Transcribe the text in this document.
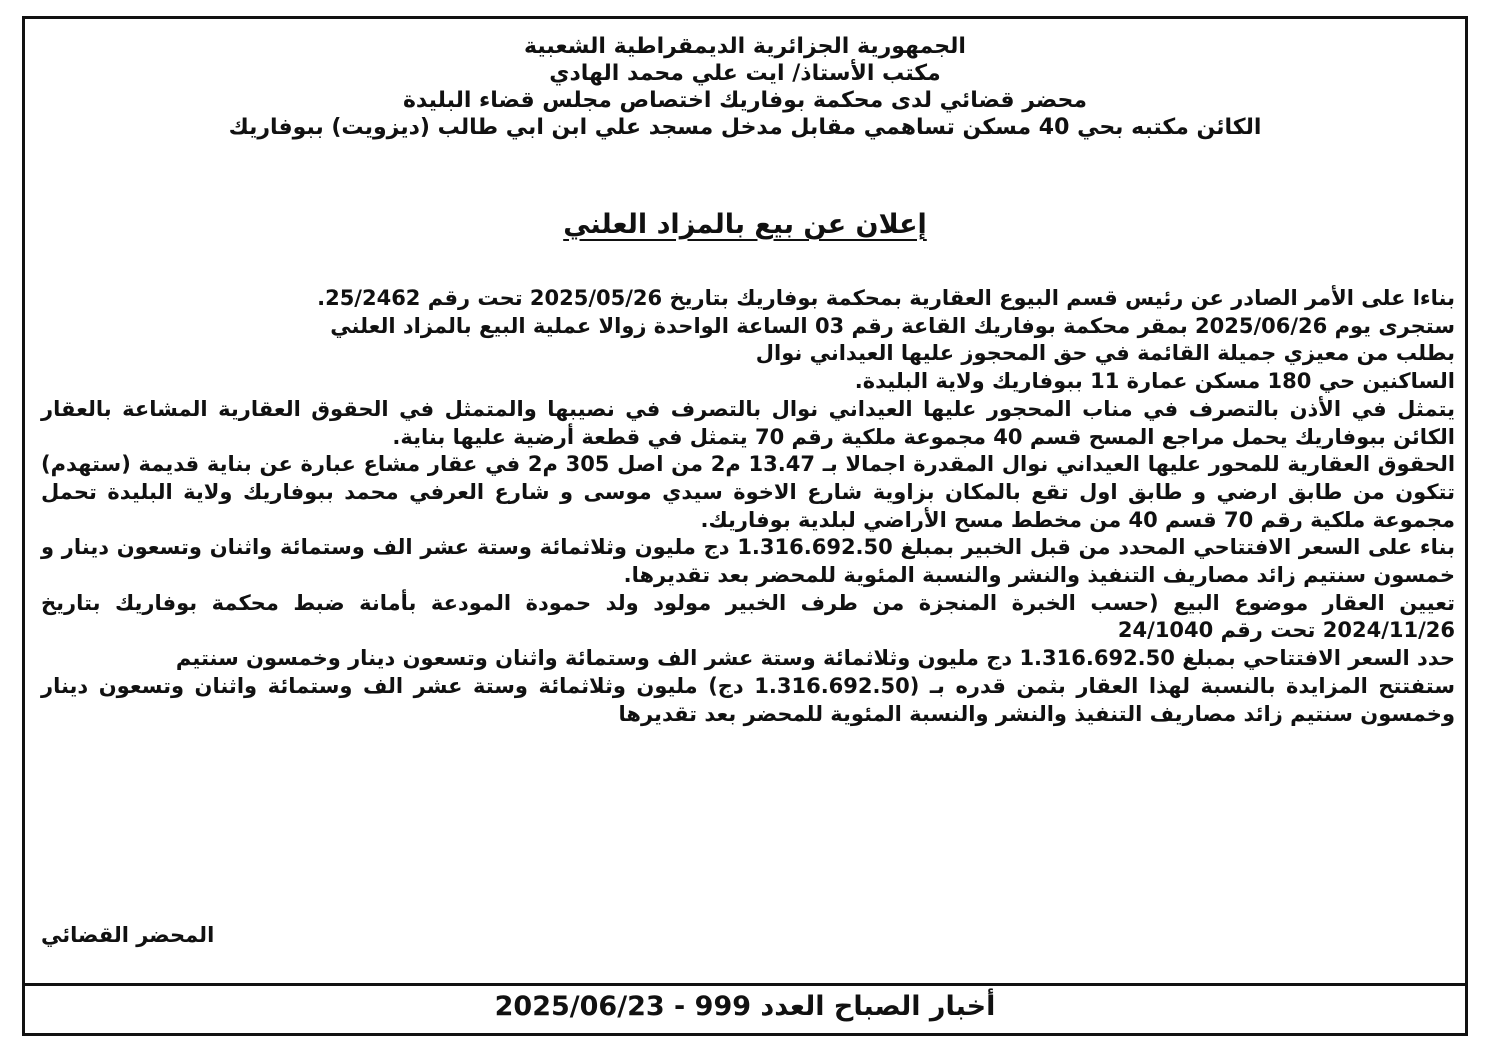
الجمهورية الجزائرية الديمقراطية الشعبية
مكتب الأستاذ/ ايت علي محمد الهادي
محضر قضائي لدى محكمة بوفاريك اختصاص مجلس قضاء البليدة
الكائن مكتبه بحي 40 مسكن تساهمي مقابل مدخل مسجد علي ابن ابي طالب (ديزويت) ببوفاريك
إعلان عن بيع بالمزاد العلني

بناءا على الأمر الصادر عن رئيس قسم البيوع العقارية بمحكمة بوفاريك بتاريخ 2025/05/26 تحت رقم 25/2462.

ستجرى يوم 2025/06/26 بمقر محكمة بوفاريك القاعة رقم 03 الساعة الواحدة زوالا عملية البيع بالمزاد العلني

بطلب من معيزي جميلة القائمة في حق المحجوز عليها العيداني نوال

الساكنين حي 180 مسكن عمارة 11 ببوفاريك ولاية البليدة.

يتمثل في الأذن بالتصرف في مناب المحجور عليها العيداني نوال بالتصرف في نصيبها والمتمثل في الحقوق العقارية المشاعة بالعقار الكائن ببوفاريك يحمل مراجع المسح قسم 40 مجموعة ملكية رقم 70 يتمثل في قطعة أرضية عليها بناية.

الحقوق العقارية للمحور عليها العيداني نوال المقدرة اجمالا بـ 13.47 م2 من اصل 305 م2 في عقار مشاع عبارة عن بناية قديمة (ستهدم) تتكون من طابق ارضي و طابق اول تقع بالمكان بزاوية شارع الاخوة سيدي موسى و شارع العرفي محمد ببوفاريك ولاية البليدة تحمل مجموعة ملكية رقم 70 قسم 40 من مخطط مسح الأراضي لبلدية بوفاريك.

بناء على السعر الافتتاحي المحدد من قبل الخبير بمبلغ 1.316.692.50 دج مليون وثلاثمائة وستة عشر الف وستمائة واثنان وتسعون دينار و خمسون سنتيم زائد مصاريف التنفيذ والنشر والنسبة المئوية للمحضر بعد تقديرها.

تعيين العقار موضوع البيع (حسب الخبرة المنجزة من طرف الخبير مولود ولد حمودة المودعة بأمانة ضبط محكمة بوفاريك بتاريخ 2024/11/26 تحت رقم 24/1040

حدد السعر الافتتاحي بمبلغ 1.316.692.50 دج مليون وثلاثمائة وستة عشر الف وستمائة واثنان وتسعون دينار وخمسون سنتيم

ستفتتح المزايدة بالنسبة لهذا العقار بثمن قدره بـ (1.316.692.50 دج) مليون وثلاثمائة وستة عشر الف وستمائة واثنان وتسعون دينار وخمسون سنتيم زائد مصاريف التنفيذ والنشر والنسبة المئوية للمحضر بعد تقديرها

المحضر القضائي
أخبار الصباح العدد 999 - 2025/06/23
